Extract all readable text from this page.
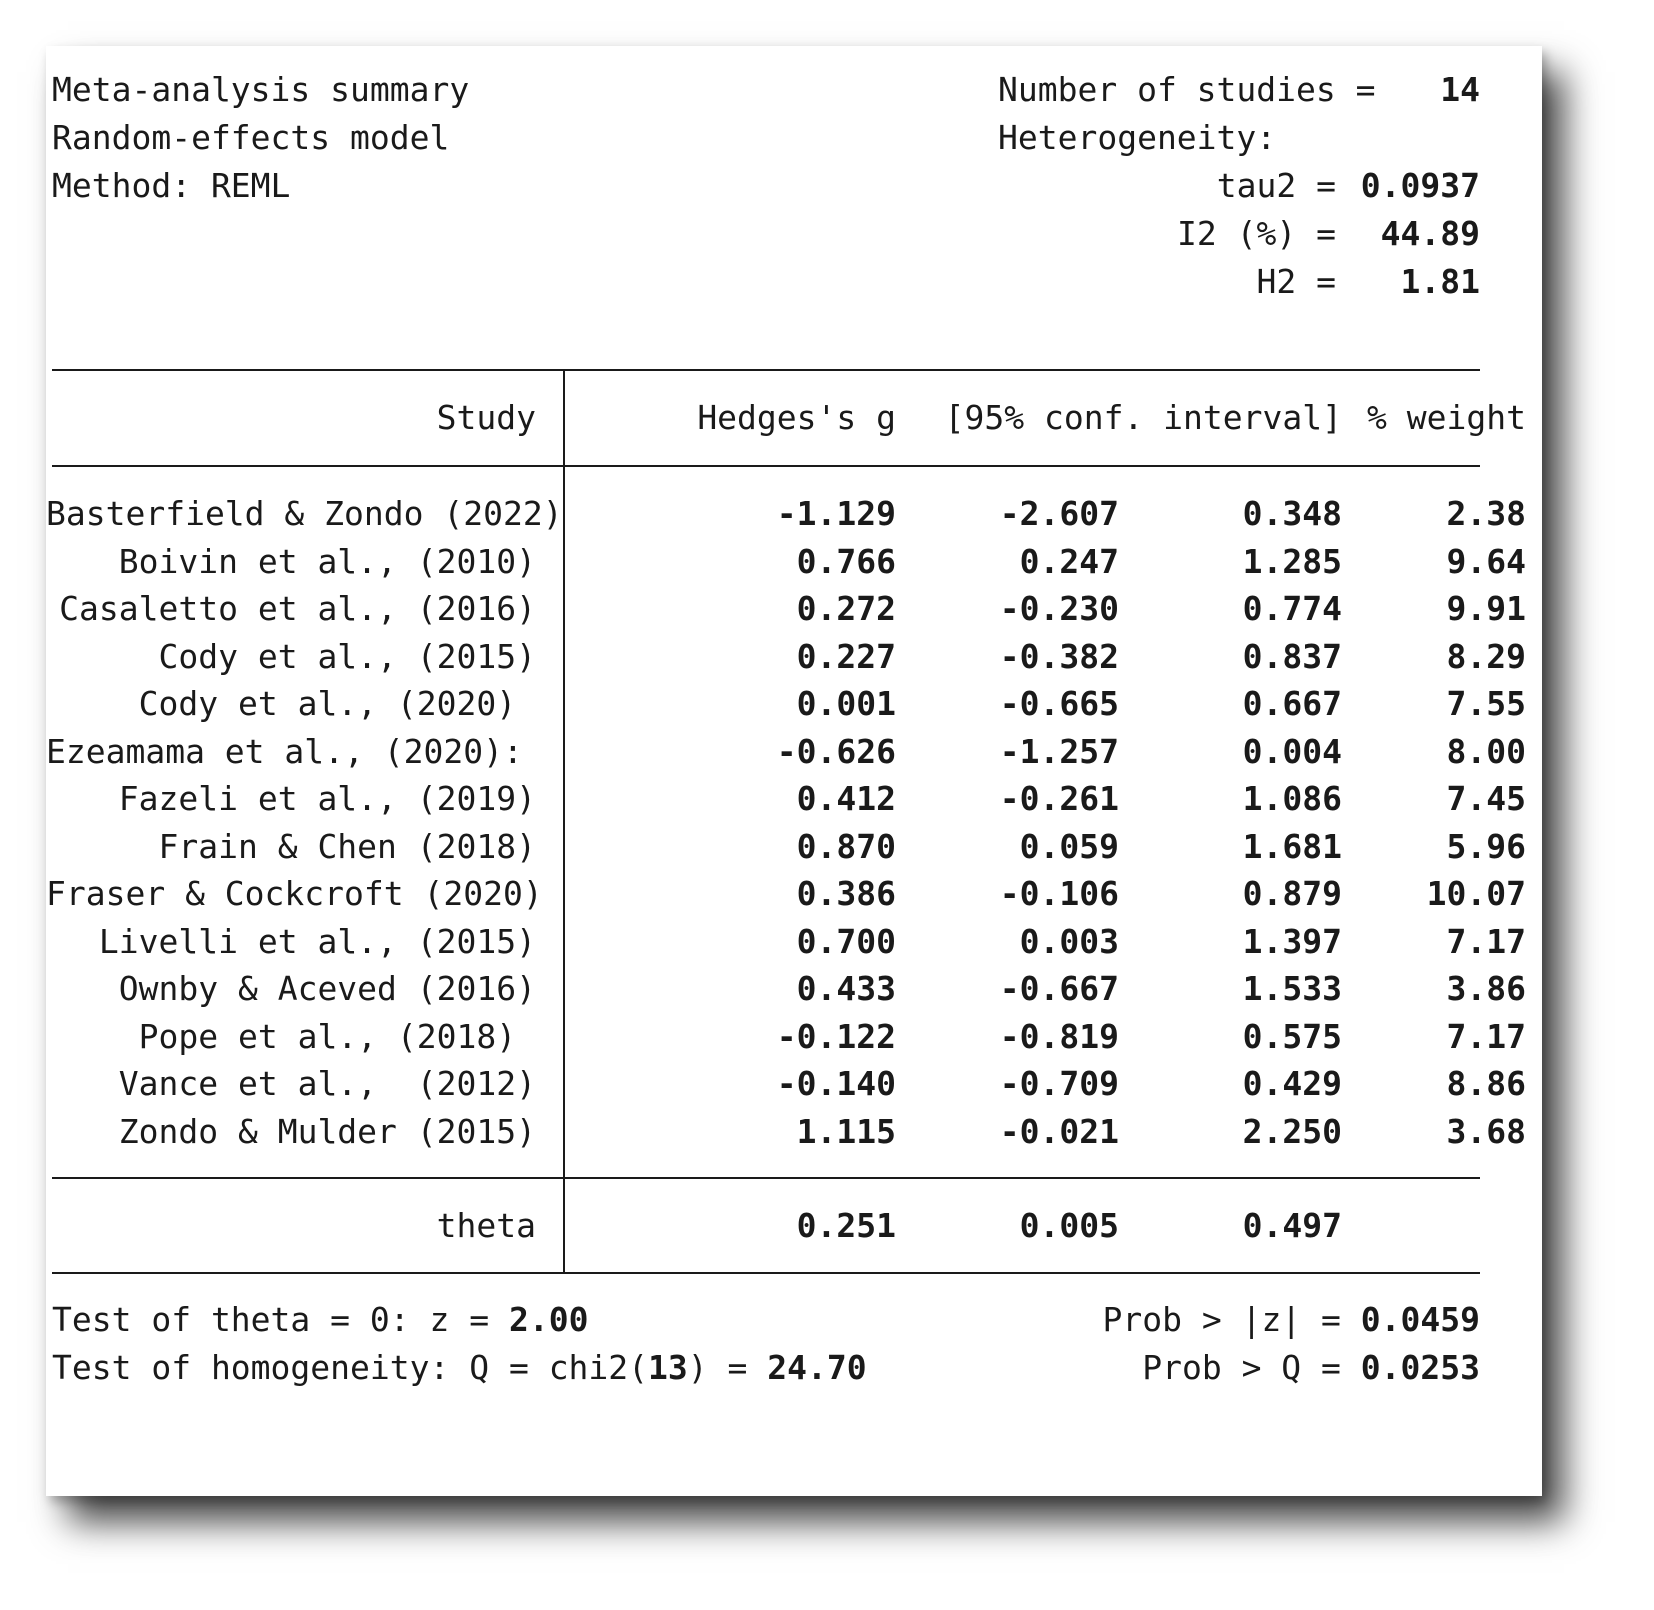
Meta-analysis summary
Random-effects model
Method: REML
Number of studies =	14
Heterogeneity:
tau2 = 0.0937
I2 (%) =	44.89
H2 =	1.81
Study	Hedges's g	[95% conf. interval] % weight
Basterfield & Zondo (2022)	-1.129	-2.607	0.348	2.38
Boivin et al., (2010)	0.766	0.247	1.285	9.64
Casaletto et al., (2016)	0.272	-0.230	0.774	9.91
Cody et al., (2015)	0.227	-0.382	0.837	8.29
Cody et al., (2020)	0.001	-0.665	0.667	7.55
Ezeamama et al., (2020):	-0.626	-1.257	0.004	8.00
Fazeli et al., (2019)	0.412	-0.261	1.086	7.45
Frain & Chen (2018)	0.870	0.059	1.681	5.96
Fraser & Cockcroft (2020)	0.386	-0.106	0.879	10.07
Livelli et al., (2015)	0.700	0.003	1.397	7.17
Ownby & Aceved (2016)	0.433	-0.667	1.533	3.86
Pope et al., (2018)	-0.122	-0.819	0.575	7.17
Vance et al.,  (2012)	-0.140	-0.709	0.429	8.86
Zondo & Mulder (2015)	1.115	-0.021	2.250	3.68
theta	0.251	0.005	0.497
Test of theta = 0: z = 2.00	Prob > |z| = 0.0459
Test of homogeneity: Q = chi2(13) = 24.70	Prob > Q = 0.0253
